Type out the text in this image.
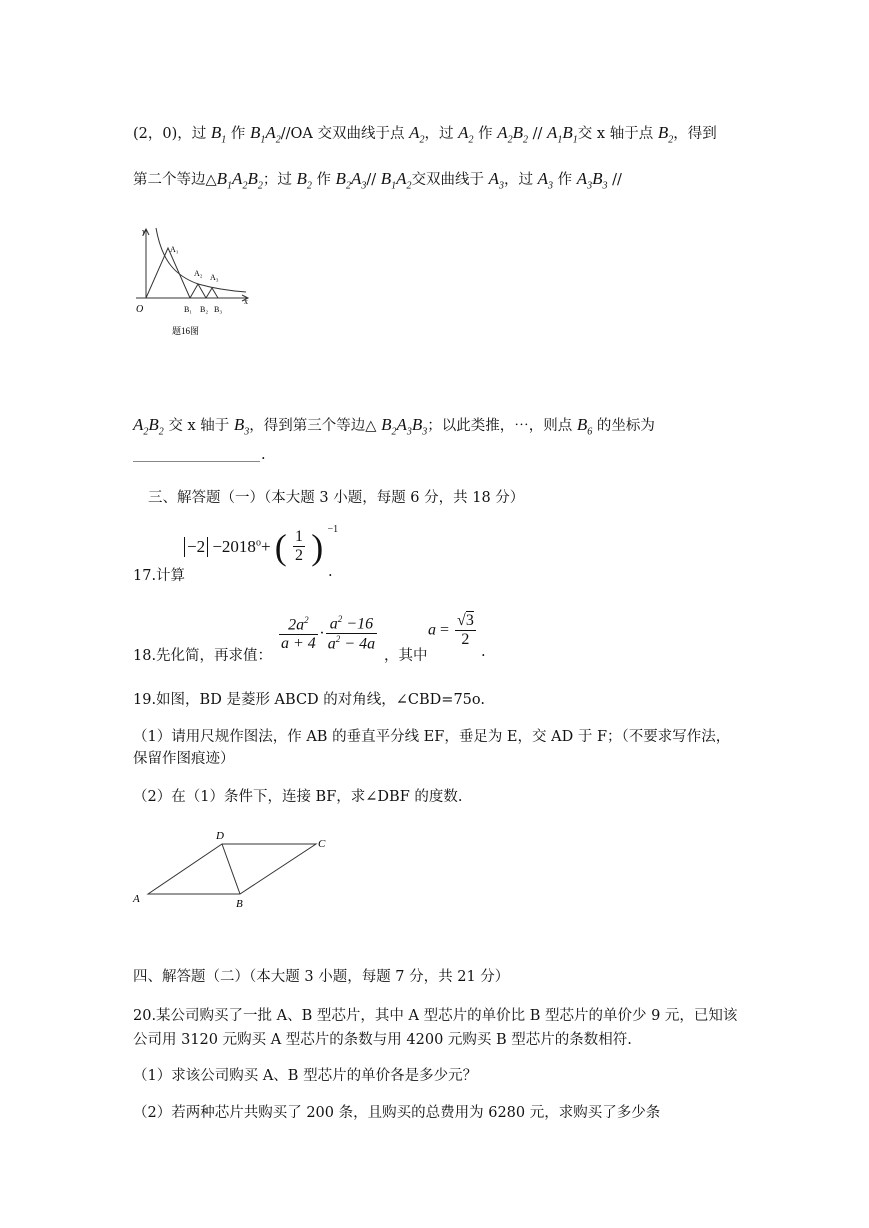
(2，0)，过 $B_1$ 作 $B_1A_2//OA$ 交双曲线于点 $A_2$，过 $A_2$ 作 $A_2B_2 // A_1B_1$交 x 轴于点 $B_2$，得到
第二个等边$\triangle B_1A_2B_2$；过 $B_2$ 作 $B_2A_3//$ $B_1A_2$交双曲线于 $A_3$，过 $A_3$ 作 $A_3B_3$ //
y
A₁
A₂ A₃
O	B₁ B₂ B₃
x
题16图
$A_2B_2$ 交 x 轴于 $B_3$，得到第三个等边△ $B_2A_3B_3$；以此类推，⋯，则点 $B_6$ 的坐标为
.
三、解答题（一）（本大题 3 小题，每题 6 分，共 18 分）
17.计算
$-2 -2018^o+$ ( $\frac{1}{2}$ ) $^{-1}$
.
18.先化简，再求值：
$\frac{2a^2}{a + 4} \cdot \frac{a^2 -16}{a^2 - 4a}$
，其中
$a = \frac{√3}{2}$
.
19.如图，BD 是菱形 ABCD 的对角线，∠CBD=75o.
（1）请用尺规作图法，作 AB 的垂直平分线 EF，垂足为 E，交 AD 于 F；（不要求写作法，
保留作图痕迹）
（2）在（1）条件下，连接 BF，求∠DBF 的度数.
D
C
A	B
四、解答题（二）（本大题 3 小题，每题 7 分，共 21 分）
20.某公司购买了一批 A、B 型芯片，其中 A 型芯片的单价比 B 型芯片的单价少 9 元，已知该
公司用 3120 元购买 A 型芯片的条数与用 4200 元购买 B 型芯片的条数相符.
（1）求该公司购买 A、B 型芯片的单价各是多少元？
（2）若两种芯片共购买了 200 条，且购买的总费用为 6280 元，求购买了多少条
